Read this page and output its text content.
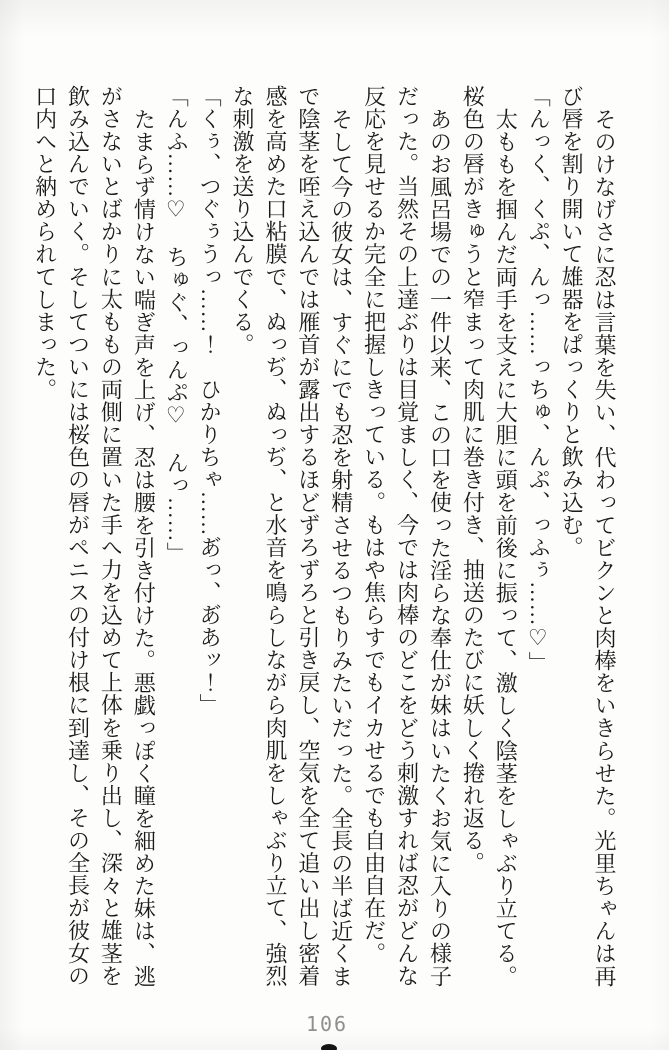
そのけなげさに忍は言葉を失い、代わってビクンと肉棒をいきらせた。光里ちゃんは再び唇を割り開いて雄器をぱっくりと飲み込む。

「んっく、くぷ、んっ……っちゅ、んぷ、っふぅ……♡」

太ももを掴んだ両手を支えに大胆に頭を前後に振って、激しく陰茎をしゃぶり立てる。桜色の唇がきゅうと窄まって肉肌に巻き付き、抽送のたびに妖しく捲れ返る。

あのお風呂場での一件以来、この口を使った淫らな奉仕が妹はいたくお気に入りの様子だった。当然その上達ぶりは目覚ましく、今では肉棒のどこをどう刺激すれば忍がどんな反応を見せるか完全に把握しきっている。もはや焦らすでもイカせるでも自由自在だ。

そして今の彼女は、すぐにでも忍を射精させるつもりみたいだった。全長の半ば近くまで陰茎を咥え込んでは雁首が露出するほどずろずろと引き戻し、空気を全て追い出し密着感を高めた口粘膜で、ぬっぢ、ぬっぢ、と水音を鳴らしながら肉肌をしゃぶり立て、強烈な刺激を送り込んでくる。

「くぅ、つぐぅうっ……！　ひかりちゃ……あ゙っ、あ゙あッ！」

「んふ……♡　ちゅぐ、っんぷ♡　んっ……」

たまらず情けない喘ぎ声を上げ、忍は腰を引き付けた。悪戯っぽく瞳を細めた妹は、逃がさないとばかりに太ももの両側に置いた手へ力を込めて上体を乗り出し、深々と雄茎を飲み込んでいく。そしてついには桜色の唇がペニスの付け根に到達し、その全長が彼女の口内へと納められてしまった。

106
